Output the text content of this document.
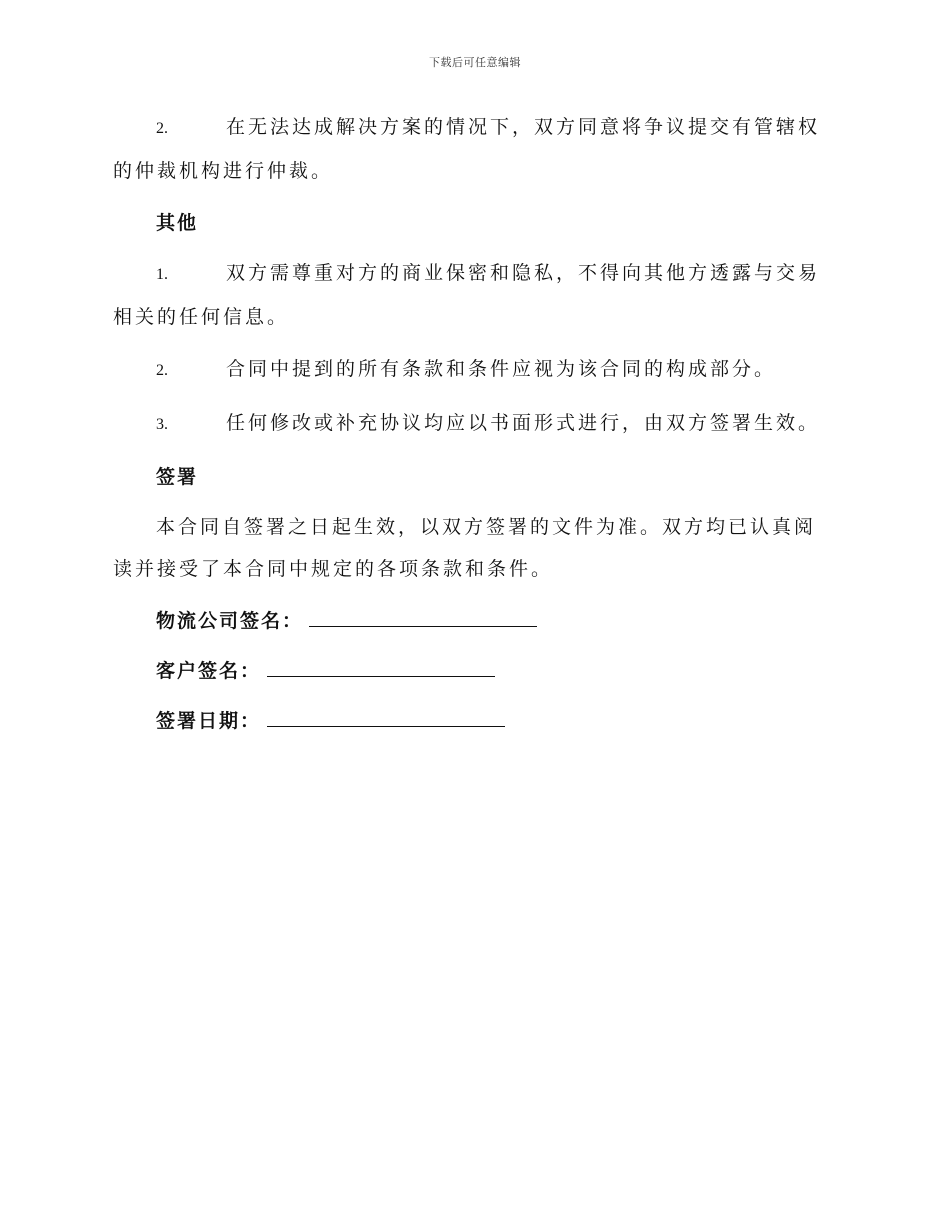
下载后可任意编辑

2.	在无法达成解决方案的情况下，双方同意将争议提交有管辖权的仲裁机构进行仲裁。

其他

1.	双方需尊重对方的商业保密和隐私，不得向其他方透露与交易相关的任何信息。

2.	合同中提到的所有条款和条件应视为该合同的构成部分。

3.	任何修改或补充协议均应以书面形式进行，由双方签署生效。

签署

本合同自签署之日起生效，以双方签署的文件为准。双方均已认真阅读并接受了本合同中规定的各项条款和条件。

物流公司签名：
客户签名：
签署日期：
